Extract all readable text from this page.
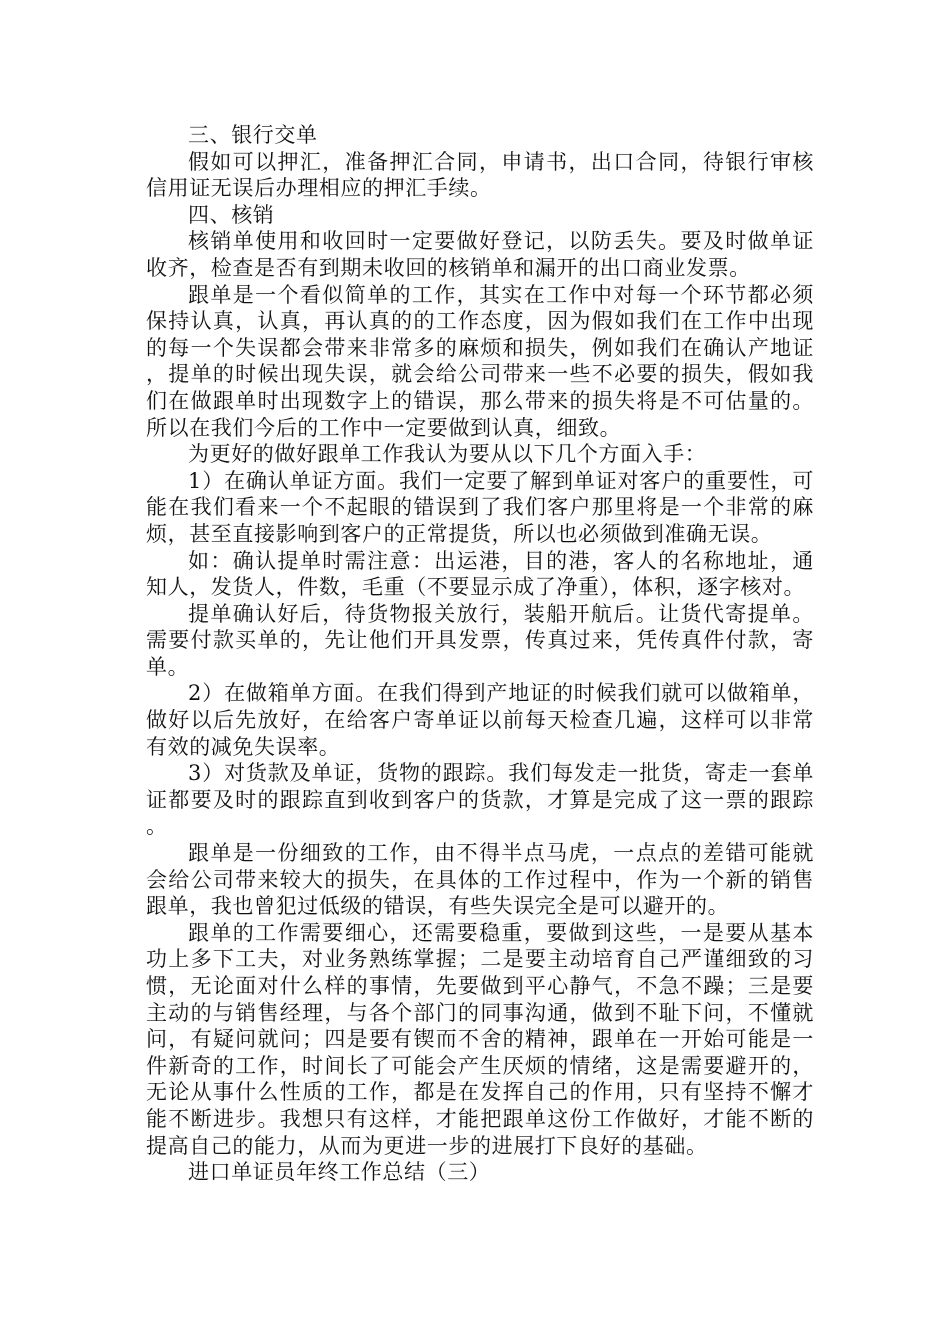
三、银行交单

假如可以押汇，准备押汇合同，申请书，出口合同，待银行审核信用证无误后办理相应的押汇手续。

四、核销

核销单使用和收回时一定要做好登记，以防丢失。要及时做单证收齐，检查是否有到期未收回的核销单和漏开的出口商业发票。

跟单是一个看似简单的工作，其实在工作中对每一个环节都必须保持认真，认真，再认真的的工作态度，因为假如我们在工作中出现的每一个失误都会带来非常多的麻烦和损失，例如我们在确认产地证，提单的时候出现失误，就会给公司带来一些不必要的损失，假如我们在做跟单时出现数字上的错误，那么带来的损失将是不可估量的。所以在我们今后的工作中一定要做到认真，细致。

为更好的做好跟单工作我认为要从以下几个方面入手：

1）在确认单证方面。我们一定要了解到单证对客户的重要性，可能在我们看来一个不起眼的错误到了我们客户那里将是一个非常的麻烦，甚至直接影响到客户的正常提货，所以也必须做到准确无误。

如：确认提单时需注意：出运港，目的港，客人的名称地址，通知人，发货人，件数，毛重（不要显示成了净重），体积，逐字核对。

提单确认好后，待货物报关放行，装船开航后。让货代寄提单。需要付款买单的，先让他们开具发票，传真过来，凭传真件付款，寄单。

2）在做箱单方面。在我们得到产地证的时候我们就可以做箱单，做好以后先放好，在给客户寄单证以前每天检查几遍，这样可以非常有效的减免失误率。

3）对货款及单证，货物的跟踪。我们每发走一批货，寄走一套单证都要及时的跟踪直到收到客户的货款，才算是完成了这一票的跟踪。

跟单是一份细致的工作，由不得半点马虎，一点点的差错可能就会给公司带来较大的损失，在具体的工作过程中，作为一个新的销售跟单，我也曾犯过低级的错误，有些失误完全是可以避开的。

跟单的工作需要细心，还需要稳重，要做到这些，一是要从基本功上多下工夫，对业务熟练掌握；二是要主动培育自己严谨细致的习惯，无论面对什么样的事情，先要做到平心静气，不急不躁；三是要主动的与销售经理，与各个部门的同事沟通，做到不耻下问，不懂就问，有疑问就问；四是要有锲而不舍的精神，跟单在一开始可能是一件新奇的工作，时间长了可能会产生厌烦的情绪，这是需要避开的，无论从事什么性质的工作，都是在发挥自己的作用，只有坚持不懈才能不断进步。我想只有这样，才能把跟单这份工作做好，才能不断的提高自己的能力，从而为更进一步的进展打下良好的基础。

进口单证员年终工作总结（三）
